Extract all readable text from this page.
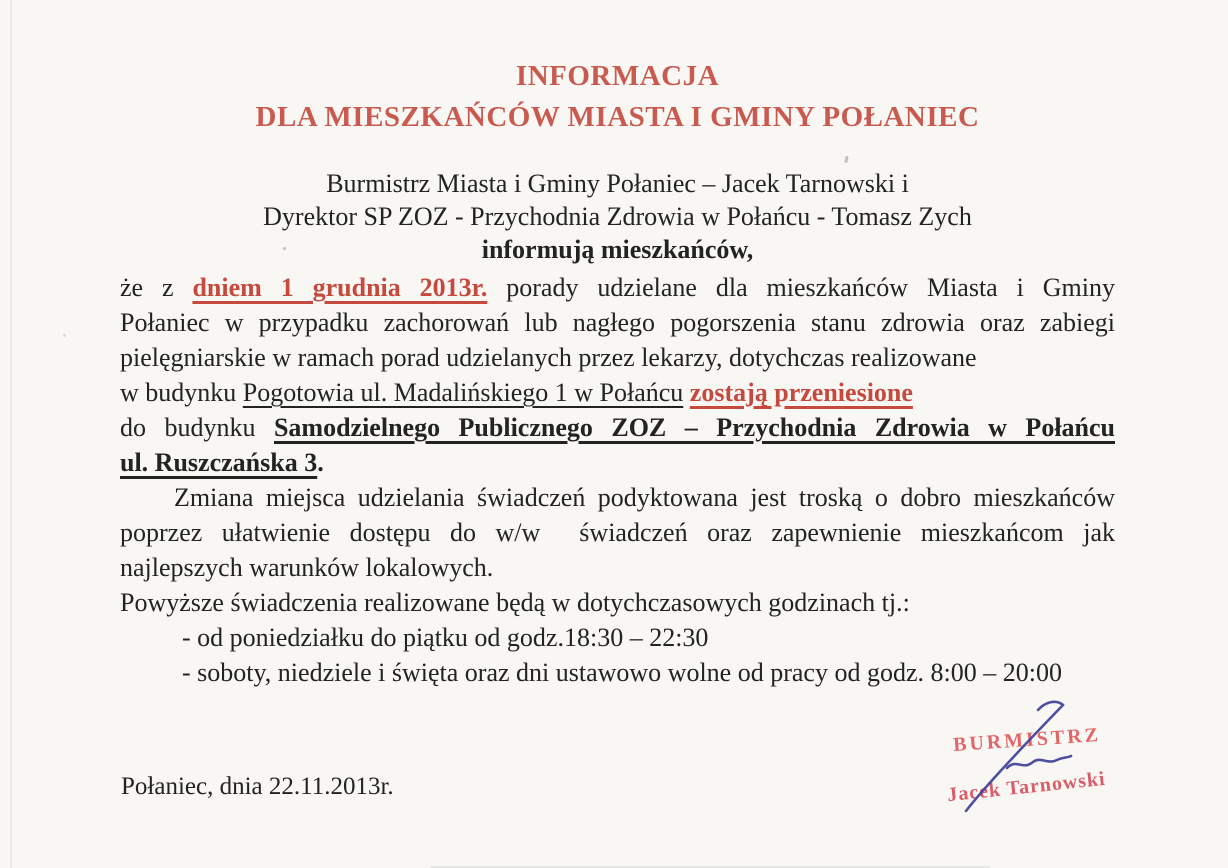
INFORMACJA
DLA MIESZKAŃCÓW MIASTA I GMINY POŁANIEC
Burmistrz Miasta i Gminy Połaniec – Jacek Tarnowski i
Dyrektor SP ZOZ - Przychodnia Zdrowia w Połańcu - Tomasz Zych
informują mieszkańców,
że z dniem 1 grudnia 2013r. porady udzielane dla mieszkańców Miasta i Gminy
Połaniec w przypadku zachorowań lub nagłego pogorszenia stanu zdrowia oraz zabiegi
pielęgniarskie w ramach porad udzielanych przez lekarzy, dotychczas realizowane
w budynku Pogotowia ul. Madalińskiego 1 w Połańcu zostają przeniesione
do budynku Samodzielnego Publicznego ZOZ – Przychodnia Zdrowia w Połańcu
ul. Ruszczańska 3.
Zmiana miejsca udzielania świadczeń podyktowana jest troską o dobro mieszkańców
poprzez ułatwienie dostępu do w/w  świadczeń oraz zapewnienie mieszkańcom jak
najlepszych warunków lokalowych.
Powyższe świadczenia realizowane będą w dotychczasowych godzinach tj.:
- od poniedziałku do piątku od godz.18:30 – 22:30
- soboty, niedziele i święta oraz dni ustawowo wolne od pracy od godz. 8:00 – 20:00
Połaniec, dnia 22.11.2013r.
BURMISTRZ
Jacek Tarnowski
